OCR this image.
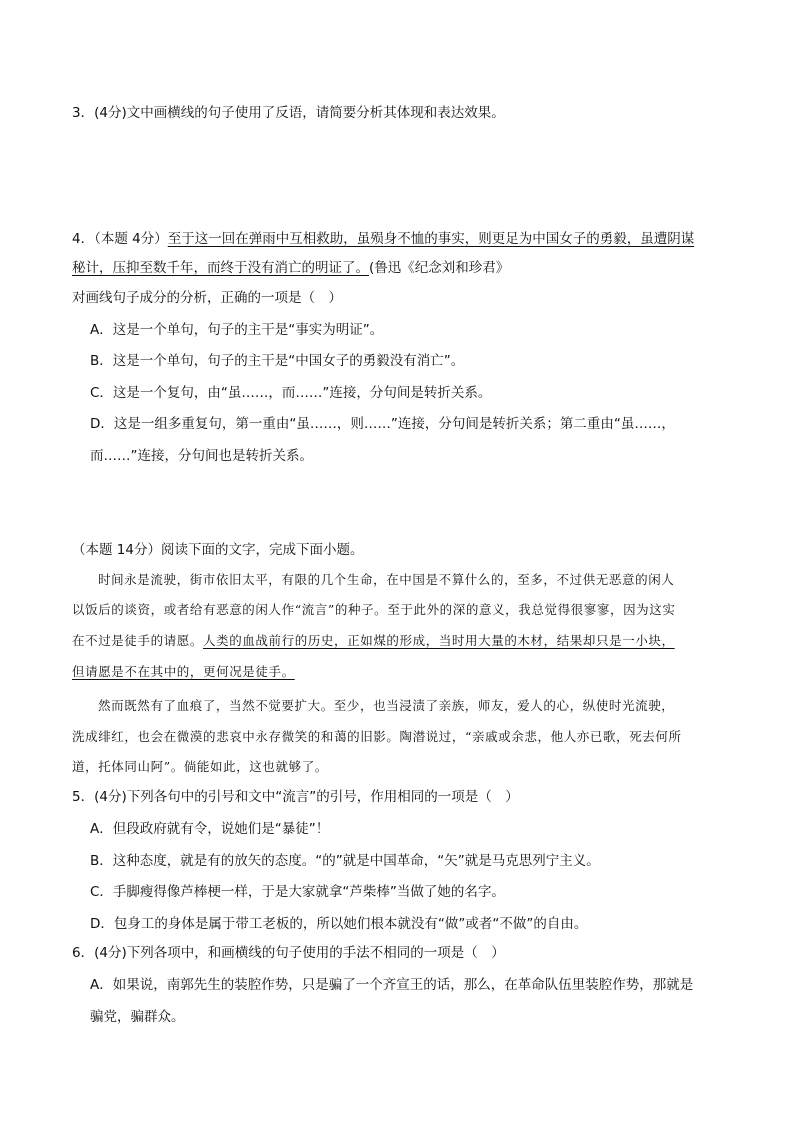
3．(4分)文中画横线的句子使用了反语，请简要分析其体现和表达效果。
4．（本题 4分）至于这一回在弹雨中互相救助，虽殒身不恤的事实，则更足为中国女子的勇毅，虽遭阴谋
秘计，压抑至数千年，而终于没有消亡的明证了。(鲁迅《纪念刘和珍君》
对画线句子成分的分析，正确的一项是（　）
A．这是一个单句，句子的主干是“事实为明证”。
B．这是一个单句，句子的主干是“中国女子的勇毅没有消亡”。
C．这是一个复句，由“虽……，而……”连接，分句间是转折关系。
D．这是一组多重复句，第一重由“虽……，则……”连接，分句间是转折关系；第二重由“虽……，
而……”连接，分句间也是转折关系。
（本题 14分）阅读下面的文字，完成下面小题。
时间永是流驶，街市依旧太平，有限的几个生命，在中国是不算什么的，至多，不过供无恶意的闲人
以饭后的谈资，或者给有恶意的闲人作“流言”的种子。至于此外的深的意义，我总觉得很寥寥，因为这实
在不过是徒手的请愿。人类的血战前行的历史，正如煤的形成，当时用大量的木材，结果却只是一小块，
但请愿是不在其中的，更何况是徒手。
然而既然有了血痕了，当然不觉要扩大。至少，也当浸渍了亲族，师友，爱人的心，纵使时光流驶，
洗成绯红，也会在微漠的悲哀中永存微笑的和蔼的旧影。陶潜说过，“亲戚或余悲，他人亦已歌，死去何所
道，托体同山阿”。倘能如此，这也就够了。
5．(4分)下列各句中的引号和文中“流言”的引号，作用相同的一项是（　）
A．但段政府就有令，说她们是“暴徒”！
B．这种态度，就是有的放矢的态度。“的”就是中国革命，“矢”就是马克思列宁主义。
C．手脚瘦得像芦棒梗一样，于是大家就拿“芦柴棒”当做了她的名字。
D．包身工的身体是属于带工老板的，所以她们根本就没有“做”或者“不做”的自由。
6．(4分)下列各项中，和画横线的句子使用的手法不相同的一项是（　）
A．如果说，南郭先生的装腔作势，只是骗了一个齐宣王的话，那么，在革命队伍里装腔作势，那就是
骗党，骗群众。
